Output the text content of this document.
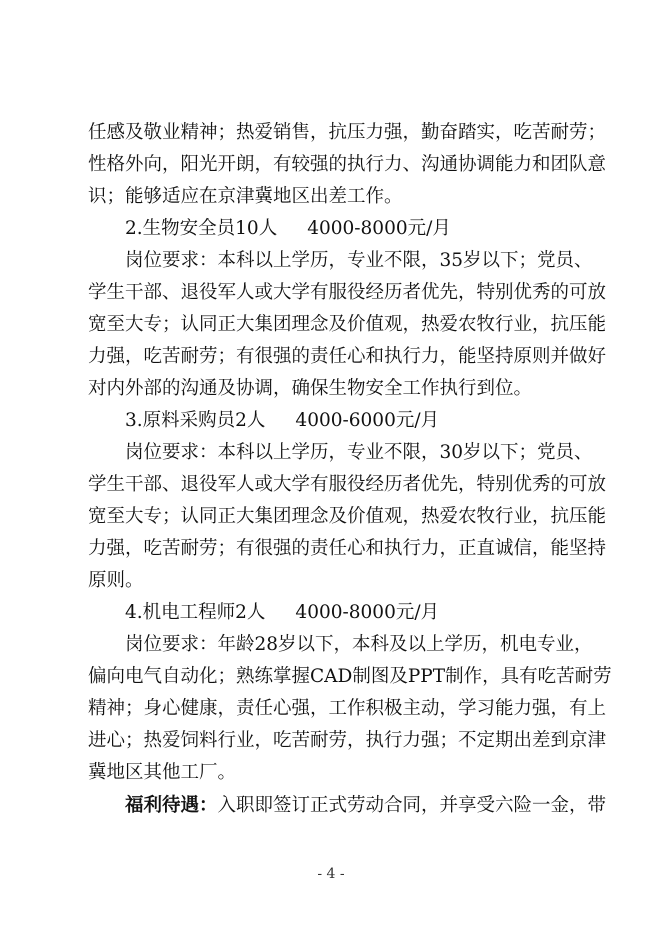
任感及敬业精神；热爱销售，抗压力强，勤奋踏实，吃苦耐劳；
性格外向，阳光开朗，有较强的执行力、沟通协调能力和团队意
识；能够适应在京津冀地区出差工作。
2.生物安全员10人 4000-8000元/月
岗位要求：本科以上学历，专业不限，35岁以下；党员、
学生干部、退役军人或大学有服役经历者优先，特别优秀的可放
宽至大专；认同正大集团理念及价值观，热爱农牧行业，抗压能
力强，吃苦耐劳；有很强的责任心和执行力，能坚持原则并做好
对内外部的沟通及协调，确保生物安全工作执行到位。
3.原料采购员2人 4000-6000元/月
岗位要求：本科以上学历，专业不限，30岁以下；党员、
学生干部、退役军人或大学有服役经历者优先，特别优秀的可放
宽至大专；认同正大集团理念及价值观，热爱农牧行业，抗压能
力强，吃苦耐劳；有很强的责任心和执行力，正直诚信，能坚持
原则。
4.机电工程师2人 4000-8000元/月
岗位要求：年龄28岁以下，本科及以上学历，机电专业，
偏向电气自动化；熟练掌握CAD制图及PPT制作，具有吃苦耐劳
精神；身心健康，责任心强，工作积极主动，学习能力强，有上
进心；热爱饲料行业，吃苦耐劳，执行力强；不定期出差到京津
冀地区其他工厂。
福利待遇：入职即签订正式劳动合同，并享受六险一金，带
- 4 -
